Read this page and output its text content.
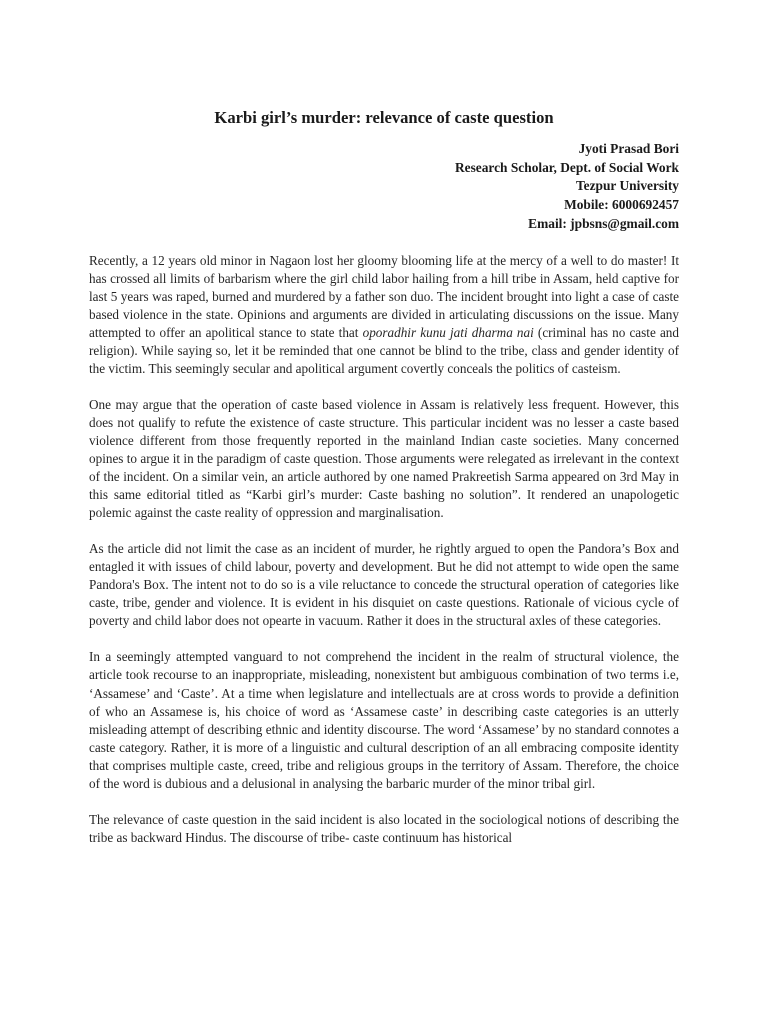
Karbi girl’s murder: relevance of caste question
Jyoti Prasad Bori
Research Scholar, Dept. of Social Work
Tezpur University
Mobile: 6000692457
Email: jpbsns@gmail.com

Recently, a 12 years old minor in Nagaon lost her gloomy blooming life at the mercy of a well to do master! It has crossed all limits of barbarism where the girl child labor hailing from a hill tribe in Assam, held captive for last 5 years was raped, burned and murdered by a father son duo. The incident brought into light a case of caste based violence in the state. Opinions and arguments are divided in articulating discussions on the issue. Many attempted to offer an apolitical stance to state that oporadhir kunu jati dharma nai (criminal has no caste and religion). While saying so, let it be reminded that one cannot be blind to the tribe, class and gender identity of the victim. This seemingly secular and apolitical argument covertly conceals the politics of casteism.

One may argue that the operation of caste based violence in Assam is relatively less frequent. However, this does not qualify to refute the existence of caste structure. This particular incident was no lesser a caste based violence different from those frequently reported in the mainland Indian caste societies. Many concerned opines to argue it in the paradigm of caste question. Those arguments were relegated as irrelevant in the context of the incident. On a similar vein, an article authored by one named Prakreetish Sarma appeared on 3rd May in this same editorial titled as “Karbi girl’s murder: Caste bashing no solution”. It rendered an unapologetic polemic against the caste reality of oppression and marginalisation.

As the article did not limit the case as an incident of murder, he rightly argued to open the Pandora’s Box and entagled it with issues of child labour, poverty and development. But he did not attempt to wide open the same Pandora's Box. The intent not to do so is a vile reluctance to concede the structural operation of categories like caste, tribe, gender and violence. It is evident in his disquiet on caste questions. Rationale of vicious cycle of poverty and child labor does not opearte in vacuum. Rather it does in the structural axles of these categories.

In a seemingly attempted vanguard to not comprehend the incident in the realm of structural violence, the article took recourse to an inappropriate, misleading, nonexistent but ambiguous combination of two terms i.e, ‘Assamese’ and ‘Caste’. At a time when legislature and intellectuals are at cross words to provide a definition of who an Assamese is, his choice of word as ‘Assamese caste’ in describing caste categories is an utterly misleading attempt of describing ethnic and identity discourse. The word ‘Assamese’ by no standard connotes a caste category. Rather, it is more of a linguistic and cultural description of an all embracing composite identity that comprises multiple caste, creed, tribe and religious groups in the territory of Assam. Therefore, the choice of the word is dubious and a delusional in analysing the barbaric murder of the minor tribal girl.

The relevance of caste question in the said incident is also located in the sociological notions of describing the tribe as backward Hindus. The discourse of tribe- caste continuum has historical
